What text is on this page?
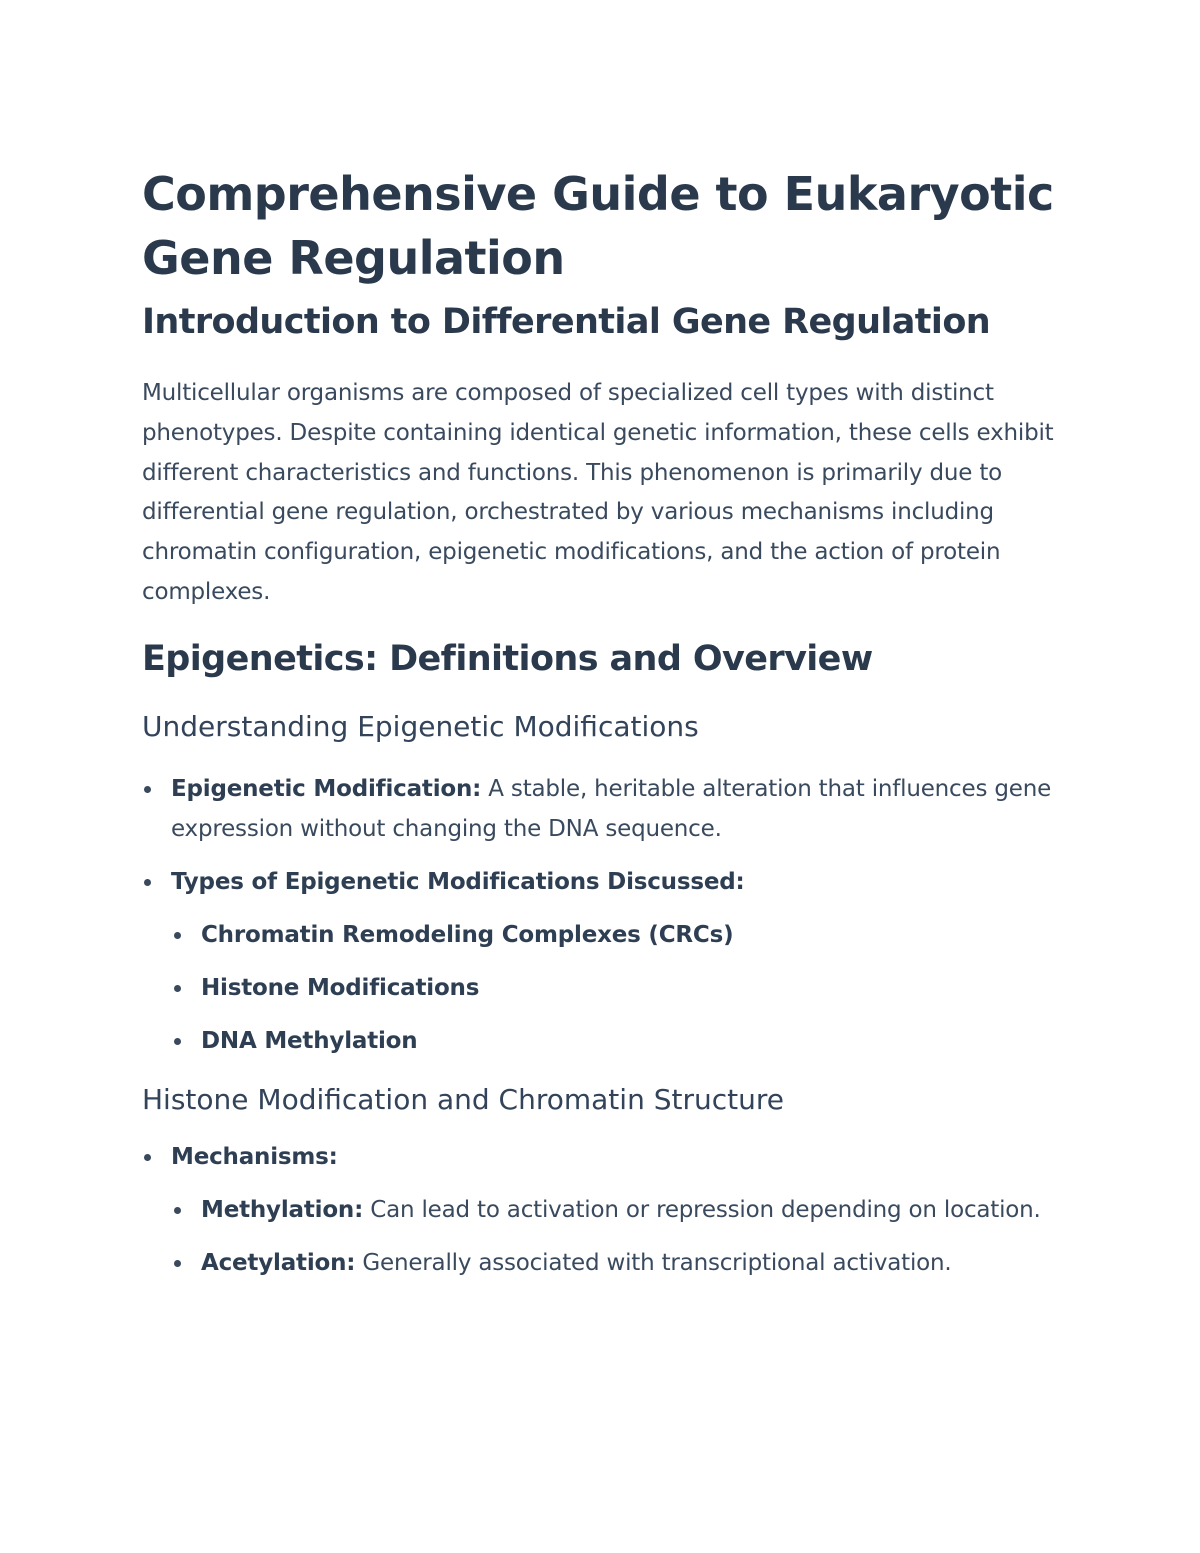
Comprehensive Guide to Eukaryotic Gene Regulation
Introduction to Differential Gene Regulation

Multicellular organisms are composed of specialized cell types with distinct phenotypes. Despite containing identical genetic information, these cells exhibit different characteristics and functions. This phenomenon is primarily due to differential gene regulation, orchestrated by various mechanisms including chromatin configuration, epigenetic modifications, and the action of protein complexes.

Epigenetics: Definitions and Overview
Understanding Epigenetic Modifications
Epigenetic Modification: A stable, heritable alteration that influences gene expression without changing the DNA sequence.
Types of Epigenetic Modifications Discussed:
Chromatin Remodeling Complexes (CRCs)
Histone Modifications
DNA Methylation
Histone Modification and Chromatin Structure
Mechanisms:
Methylation: Can lead to activation or repression depending on location.
Acetylation: Generally associated with transcriptional activation.
